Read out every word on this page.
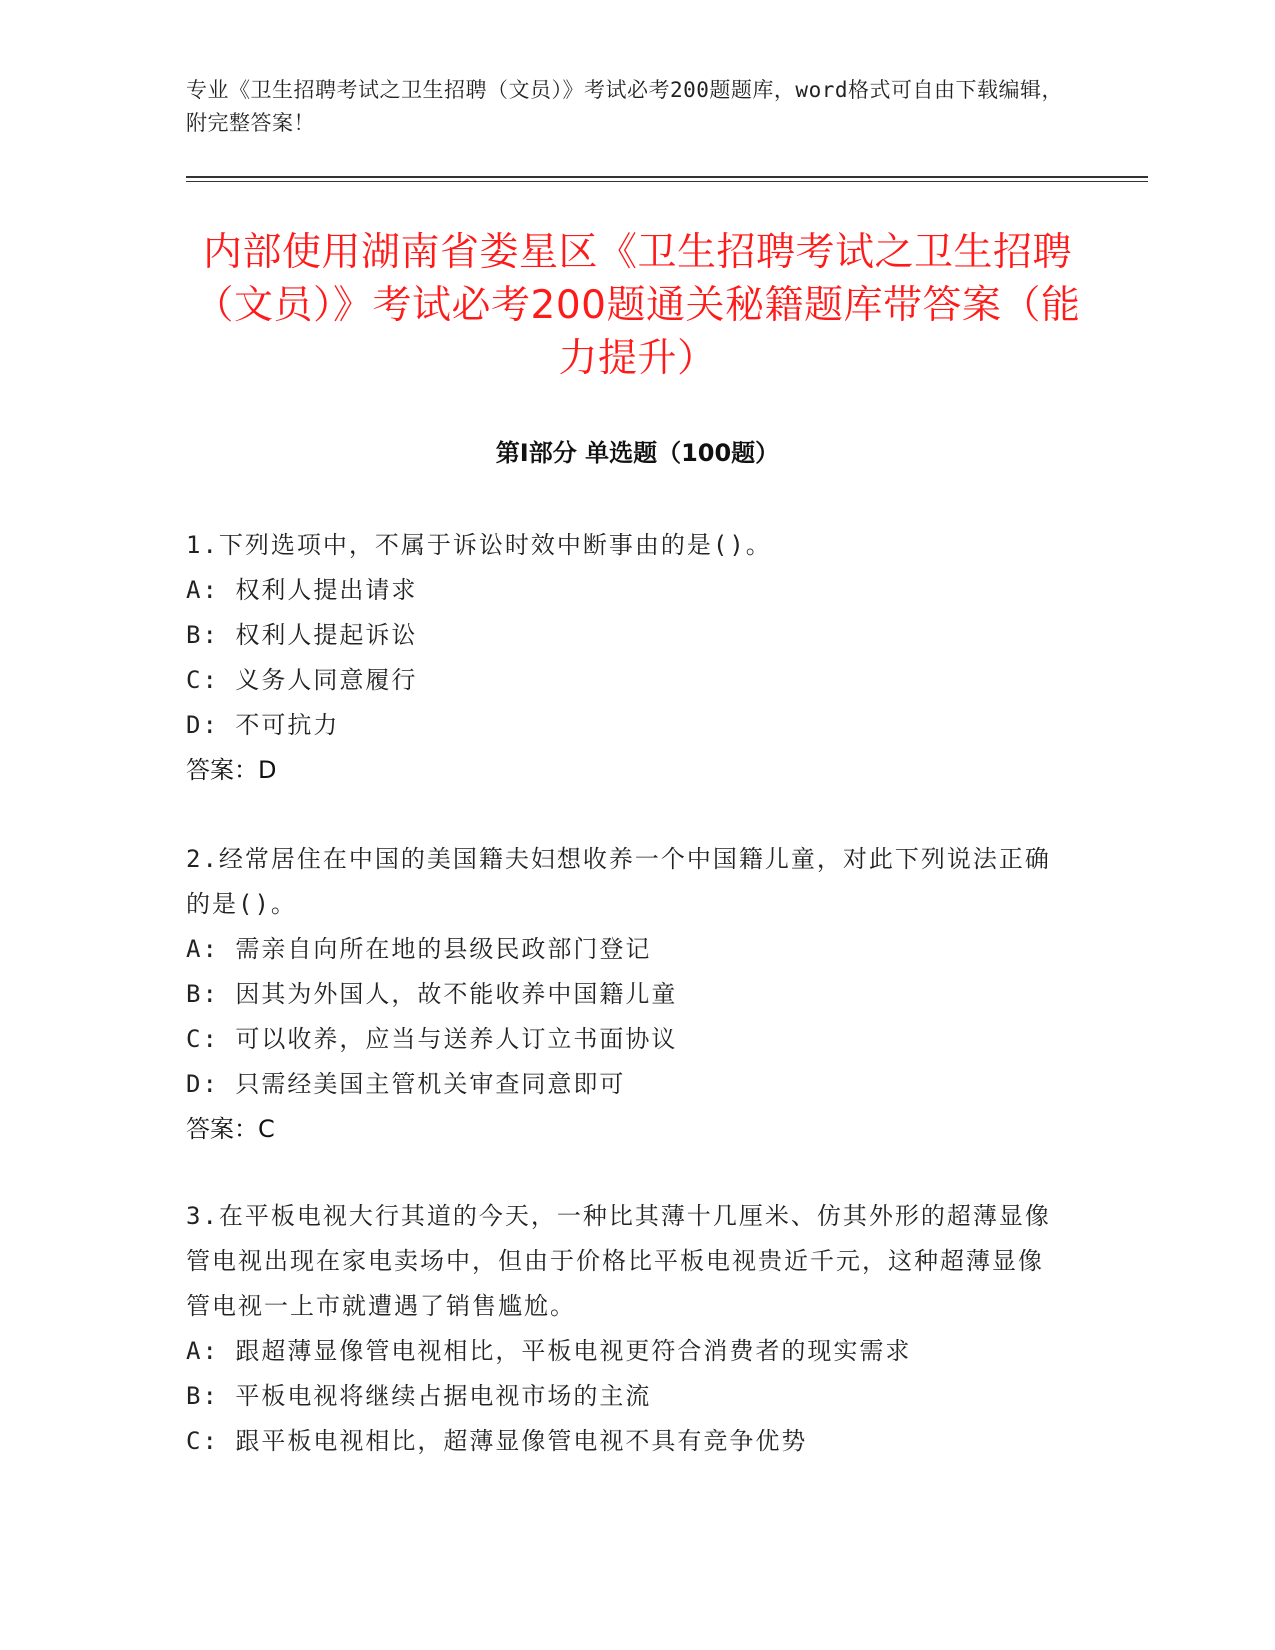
专业《卫生招聘考试之卫生招聘（文员）》考试必考200题题库，word格式可自由下载编辑，附完整答案！
内部使用湖南省娄星区《卫生招聘考试之卫生招聘（文员）》考试必考200题通关秘籍题库带答案（能力提升）
第Ⅰ部分 单选题（100题）
1.下列选项中，不属于诉讼时效中断事由的是()。
A: 权利人提出请求
B: 权利人提起诉讼
C: 义务人同意履行
D: 不可抗力
答案：D
2.经常居住在中国的美国籍夫妇想收养一个中国籍儿童，对此下列说法正确的是()。
A: 需亲自向所在地的县级民政部门登记
B: 因其为外国人，故不能收养中国籍儿童
C: 可以收养，应当与送养人订立书面协议
D: 只需经美国主管机关审查同意即可
答案：C
3.在平板电视大行其道的今天，一种比其薄十几厘米、仿其外形的超薄显像管电视出现在家电卖场中，但由于价格比平板电视贵近千元，这种超薄显像管电视一上市就遭遇了销售尴尬。
A: 跟超薄显像管电视相比，平板电视更符合消费者的现实需求
B: 平板电视将继续占据电视市场的主流
C: 跟平板电视相比，超薄显像管电视不具有竞争优势
